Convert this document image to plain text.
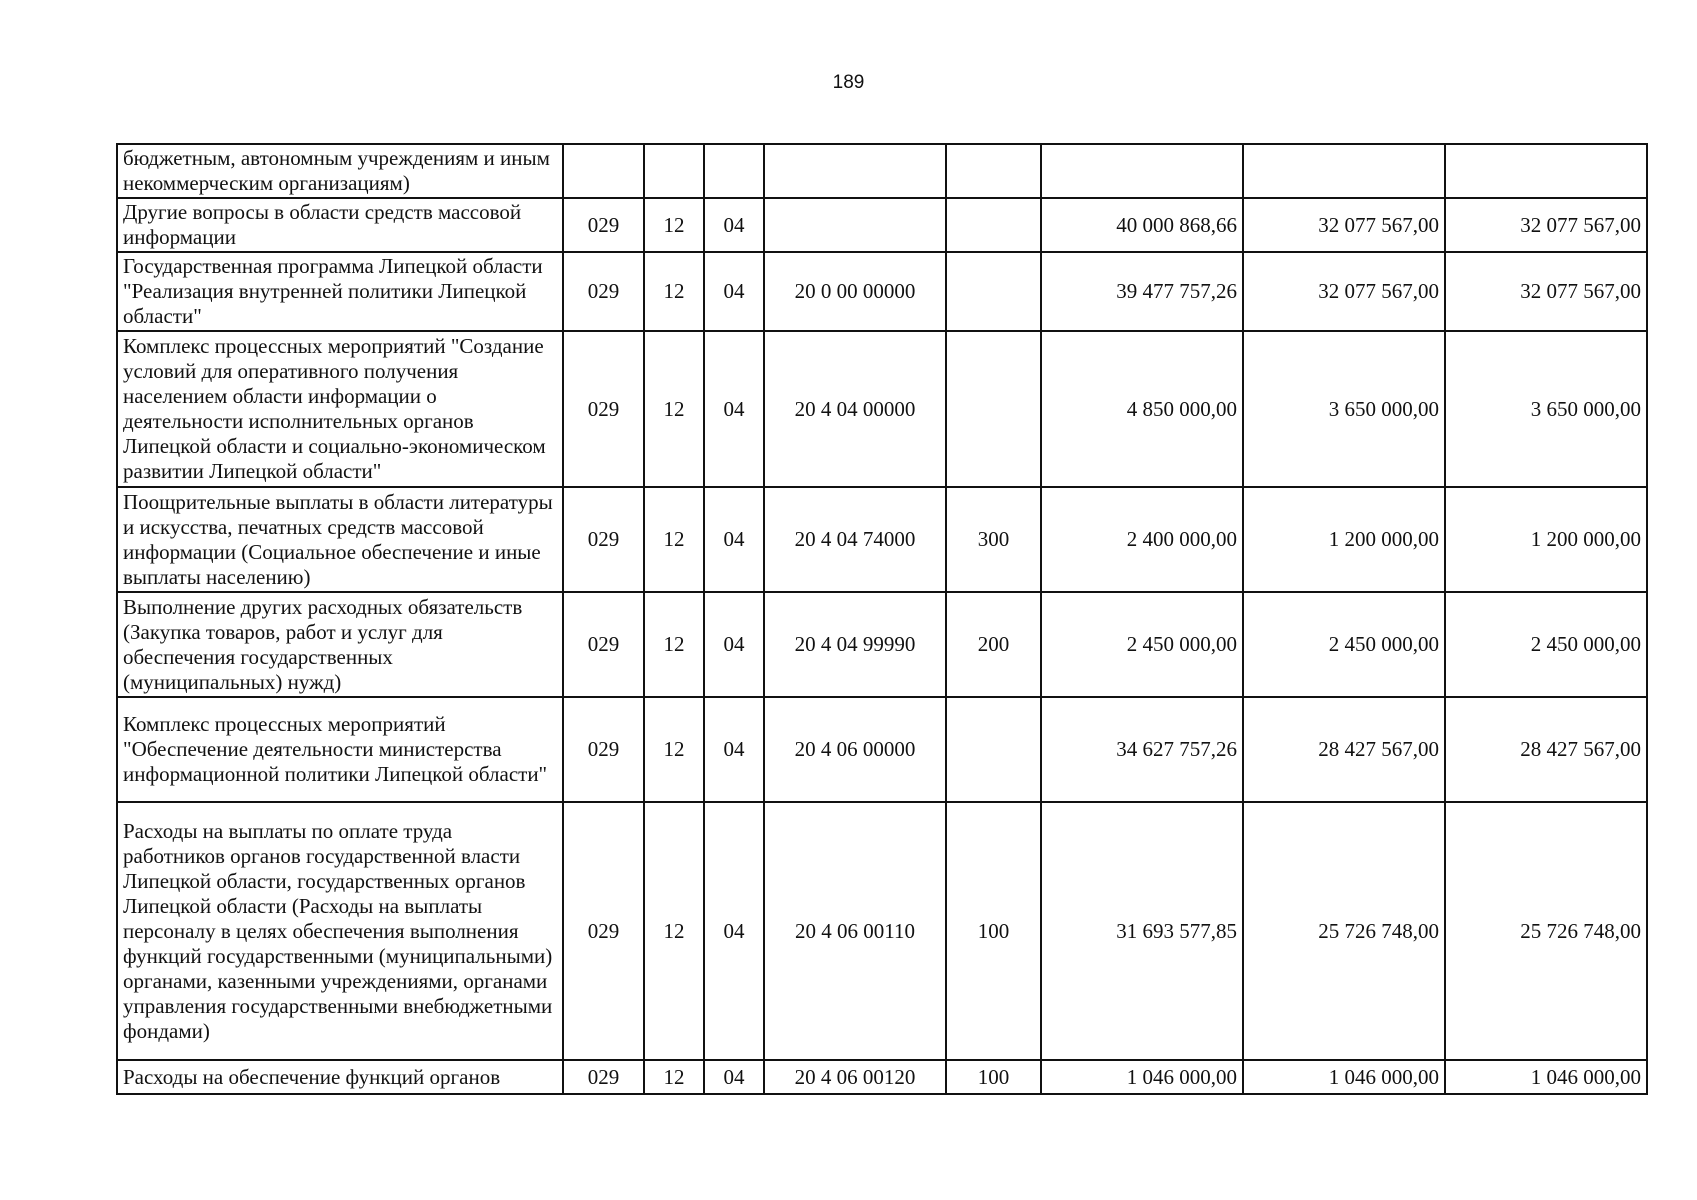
189
бюджетным, автономным учреждениям и иным некоммерческим организациям)								
Другие вопросы в области средств массовой информации	029	12	04			40 000 868,66	32 077 567,00	32 077 567,00
Государственная программа Липецкой области "Реализация внутренней политики Липецкой области"	029	12	04	20 0 00 00000		39 477 757,26	32 077 567,00	32 077 567,00
Комплекс процессных мероприятий "Создание условий для оперативного получения населением области информации о деятельности исполнительных органов Липецкой области и социально-экономическом развитии Липецкой области"	029	12	04	20 4 04 00000		4 850 000,00	3 650 000,00	3 650 000,00
Поощрительные выплаты в области литературы и искусства, печатных средств массовой информации (Социальное обеспечение и иные выплаты населению)	029	12	04	20 4 04 74000	300	2 400 000,00	1 200 000,00	1 200 000,00
Выполнение других расходных обязательств (Закупка товаров, работ и услуг для обеспечения государственных (муниципальных) нужд)	029	12	04	20 4 04 99990	200	2 450 000,00	2 450 000,00	2 450 000,00
Комплекс процессных мероприятий "Обеспечение деятельности министерства информационной политики Липецкой области"	029	12	04	20 4 06 00000		34 627 757,26	28 427 567,00	28 427 567,00
Расходы на выплаты по оплате труда работников органов государственной власти Липецкой области, государственных органов Липецкой области (Расходы на выплаты персоналу в целях обеспечения выполнения функций государственными (муниципальными) органами, казенными учреждениями, органами управления государственными внебюджетными фондами)	029	12	04	20 4 06 00110	100	31 693 577,85	25 726 748,00	25 726 748,00
Расходы на обеспечение функций органов	029	12	04	20 4 06 00120	100	1 046 000,00	1 046 000,00	1 046 000,00
